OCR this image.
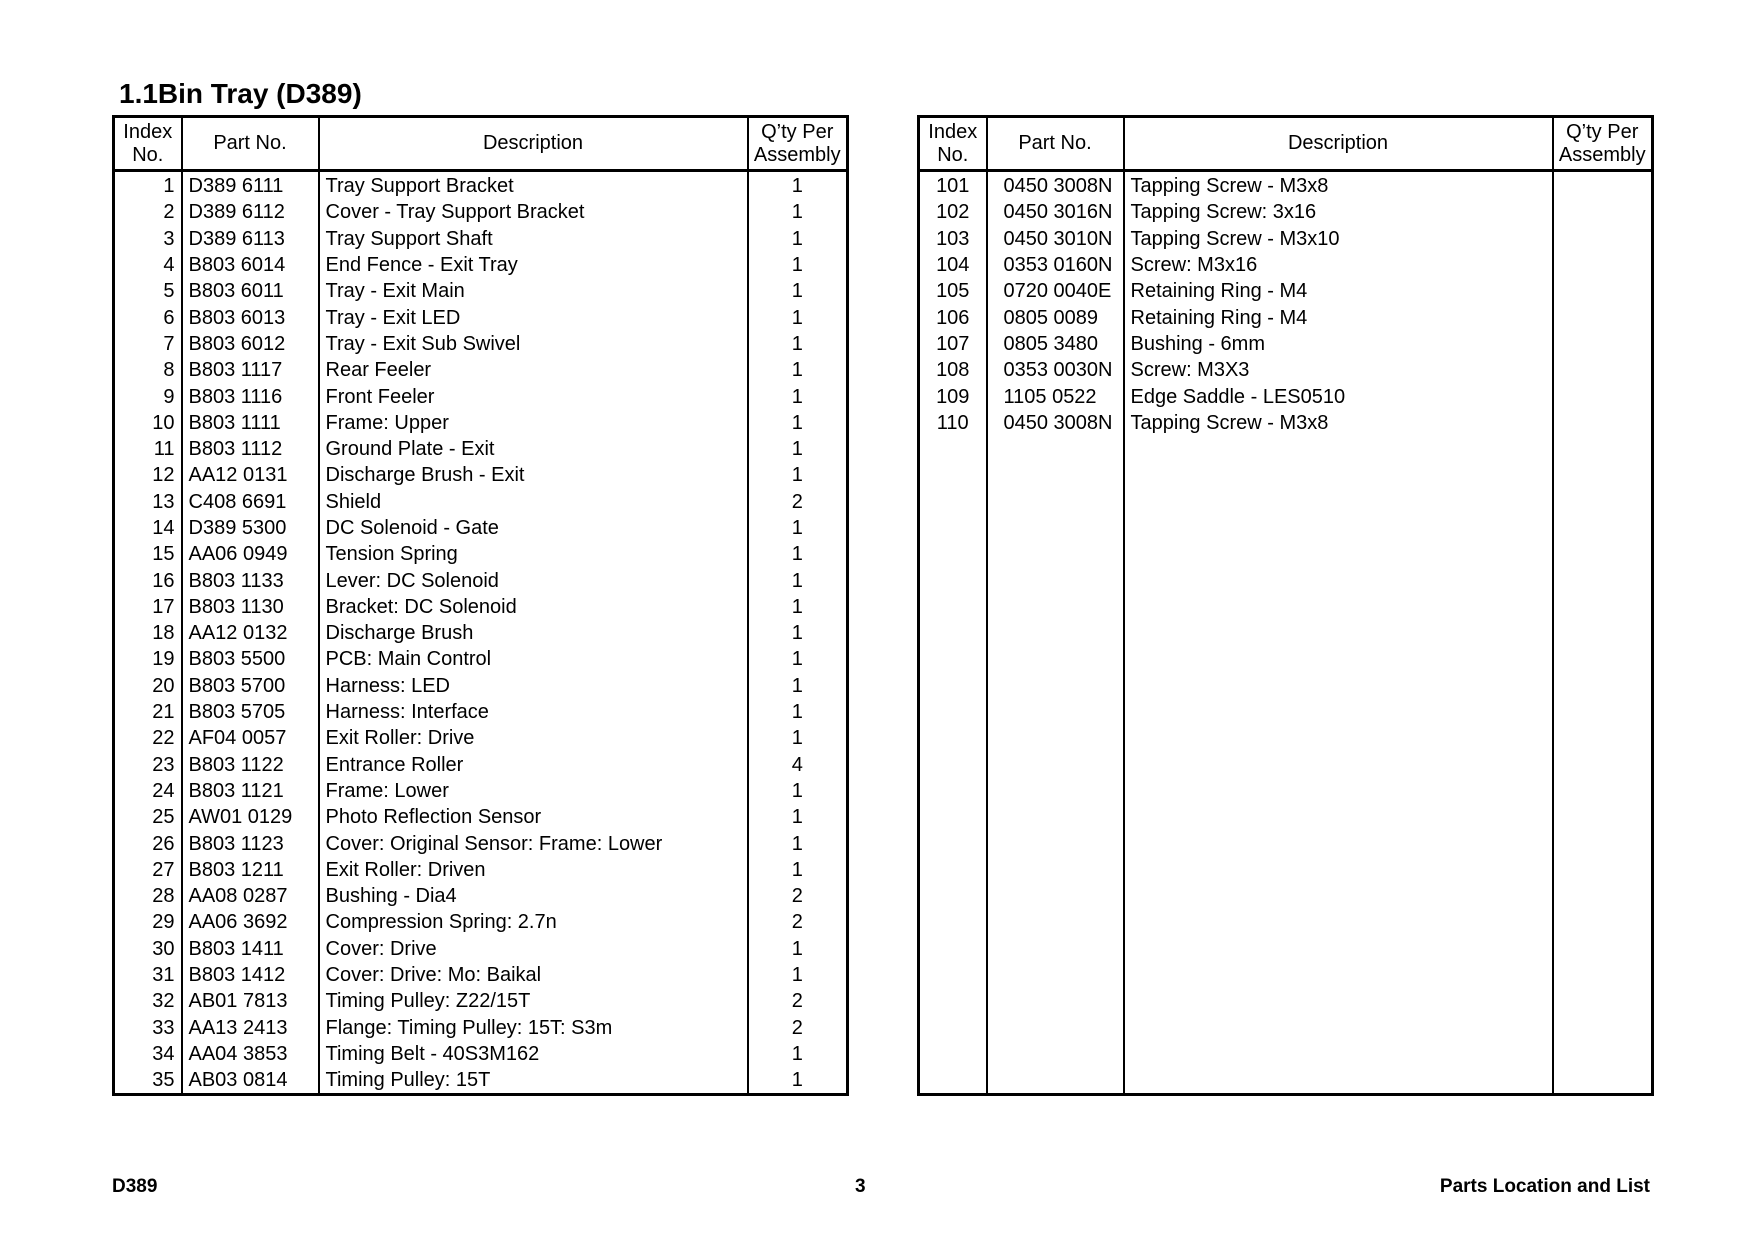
1.1Bin Tray (D389)
Index
No.	Part No.	Description	Q’ty Per
Assembly
1	D389 6111	Tray Support Bracket	1
2	D389 6112	Cover - Tray Support Bracket	1
3	D389 6113	Tray Support Shaft	1
4	B803 6014	End Fence - Exit Tray	1
5	B803 6011	Tray - Exit Main	1
6	B803 6013	Tray - Exit LED	1
7	B803 6012	Tray - Exit Sub Swivel	1
8	B803 1117	Rear Feeler	1
9	B803 1116	Front Feeler	1
10	B803 1111	Frame: Upper	1
11	B803 1112	Ground Plate - Exit	1
12	AA12 0131	Discharge Brush - Exit	1
13	C408 6691	Shield	2
14	D389 5300	DC Solenoid - Gate	1
15	AA06 0949	Tension Spring	1
16	B803 1133	Lever: DC Solenoid	1
17	B803 1130	Bracket: DC Solenoid	1
18	AA12 0132	Discharge Brush	1
19	B803 5500	PCB: Main Control	1
20	B803 5700	Harness: LED	1
21	B803 5705	Harness: Interface	1
22	AF04 0057	Exit Roller: Drive	1
23	B803 1122	Entrance Roller	4
24	B803 1121	Frame: Lower	1
25	AW01 0129	Photo Reflection Sensor	1
26	B803 1123	Cover: Original Sensor: Frame: Lower	1
27	B803 1211	Exit Roller: Driven	1
28	AA08 0287	Bushing - Dia4	2
29	AA06 3692	Compression Spring: 2.7n	2
30	B803 1411	Cover: Drive	1
31	B803 1412	Cover: Drive: Mo: Baikal	1
32	AB01 7813	Timing Pulley: Z22/15T	2
33	AA13 2413	Flange: Timing Pulley: 15T: S3m	2
34	AA04 3853	Timing Belt - 40S3M162	1
35	AB03 0814	Timing Pulley: 15T	1
Index
No.	Part No.	Description	Q’ty Per
Assembly
101	0450 3008N	Tapping Screw - M3x8	
102	0450 3016N	Tapping Screw: 3x16	
103	0450 3010N	Tapping Screw - M3x10	
104	0353 0160N	Screw: M3x16	
105	0720 0040E	Retaining Ring - M4	
106	0805 0089	Retaining Ring - M4	
107	0805 3480	Bushing - 6mm	
108	0353 0030N	Screw: M3X3	
109	1105 0522	Edge Saddle - LES0510	
110	0450 3008N	Tapping Screw - M3x8	

D389	3	Parts Location and List
